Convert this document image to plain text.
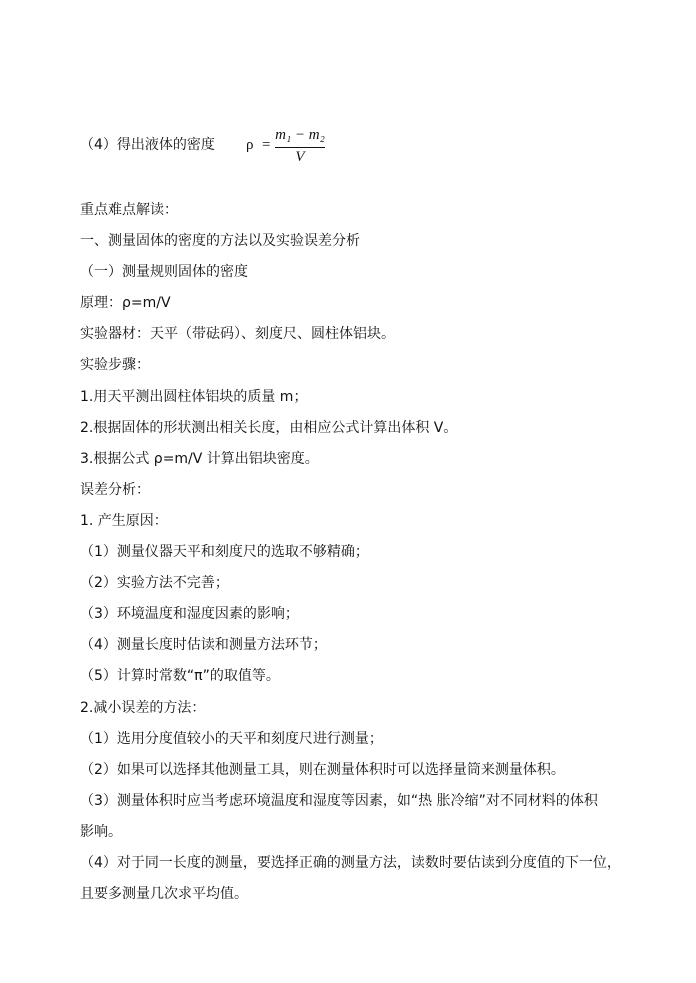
（4）得出液体的密度 ρ =
m₁ − m₂
V
重点难点解读：
一、测量固体的密度的方法以及实验误差分析
（一）测量规则固体的密度
原理：ρ=m/V
实验器材：天平（带砝码）、刻度尺、圆柱体铝块。
实验步骤：
1.用天平测出圆柱体铝块的质量 m；
2.根据固体的形状测出相关长度，由相应公式计算出体积 V。
3.根据公式 ρ=m/V 计算出铝块密度。
误差分析：
1. 产生原因：
（1）测量仪器天平和刻度尺的选取不够精确；
（2）实验方法不完善；
（3）环境温度和湿度因素的影响；
（4）测量长度时估读和测量方法环节；
（5）计算时常数“π”的取值等。
2.减小误差的方法：
（1）选用分度值较小的天平和刻度尺进行测量；
（2）如果可以选择其他测量工具，则在测量体积时可以选择量筒来测量体积。
（3）测量体积时应当考虑环境温度和湿度等因素，如“热 胀冷缩”对不同材料的体积
影响。
（4）对于同一长度的测量，要选择正确的测量方法，读数时要估读到分度值的下一位，
且要多测量几次求平均值。
